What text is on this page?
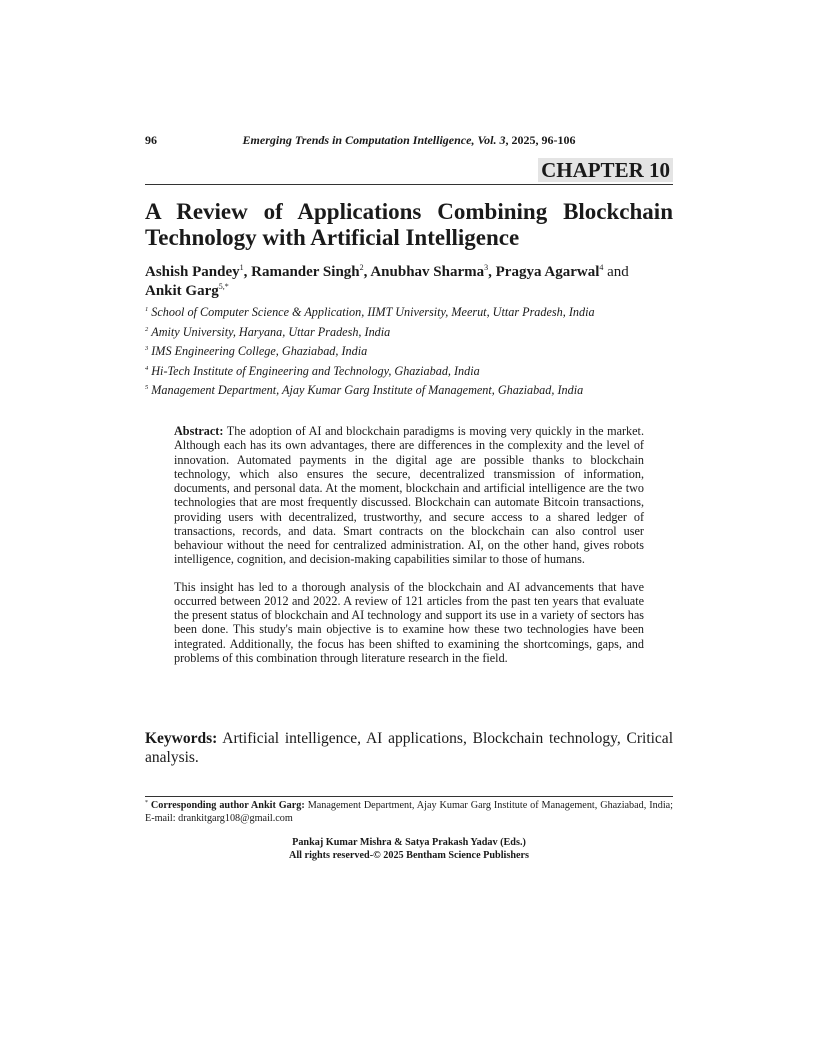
96	Emerging Trends in Computation Intelligence, Vol. 3, 2025, 96-106
CHAPTER 10
A Review of Applications Combining Blockchain
Technology with Artificial Intelligence

Ashish Pandey$^1$, Ramander Singh$^2$, Anubhav Sharma$^3$, Pragya Agarwal$^4$ and
Ankit Garg$^{5,*}$

$^1$ School of Computer Science & Application, IIMT University, Meerut, Uttar Pradesh, India
$^2$ Amity University, Haryana, Uttar Pradesh, India
$^3$ IMS Engineering College, Ghaziabad, India
$^4$ Hi-Tech Institute of Engineering and Technology, Ghaziabad, India
$^5$ Management Department, Ajay Kumar Garg Institute of Management, Ghaziabad, India

Abstract: The adoption of AI and blockchain paradigms is moving very quickly in the market. Although each has its own advantages, there are differences in the complexity and the level of innovation. Automated payments in the digital age are possible thanks to blockchain technology, which also ensures the secure, decentralized transmission of information, documents, and personal data. At the moment, blockchain and artificial intelligence are the two technologies that are most frequently discussed. Blockchain can automate Bitcoin transactions, providing users with decentralized, trustworthy, and secure access to a shared ledger of transactions, records, and data. Smart contracts on the blockchain can also control user behaviour without the need for centralized administration. AI, on the other hand, gives robots intelligence, cognition, and decision-making capabilities similar to those of humans.

This insight has led to a thorough analysis of the blockchain and AI advancements that have occurred between 2012 and 2022. A review of 121 articles from the past ten years that evaluate the present status of blockchain and AI technology and support its use in a variety of sectors has been done. This study's main objective is to examine how these two technologies have been integrated. Additionally, the focus has been shifted to examining the shortcomings, gaps, and problems of this combination through literature research in the field.

Keywords: Artificial intelligence, AI applications, Blockchain technology, Critical analysis.

* Corresponding author Ankit Garg: Management Department, Ajay Kumar Garg Institute of Management, Ghaziabad, India; E-mail: drankitgarg108@gmail.com

Pankaj Kumar Mishra & Satya Prakash Yadav (Eds.)
All rights reserved-© 2025 Bentham Science Publishers
